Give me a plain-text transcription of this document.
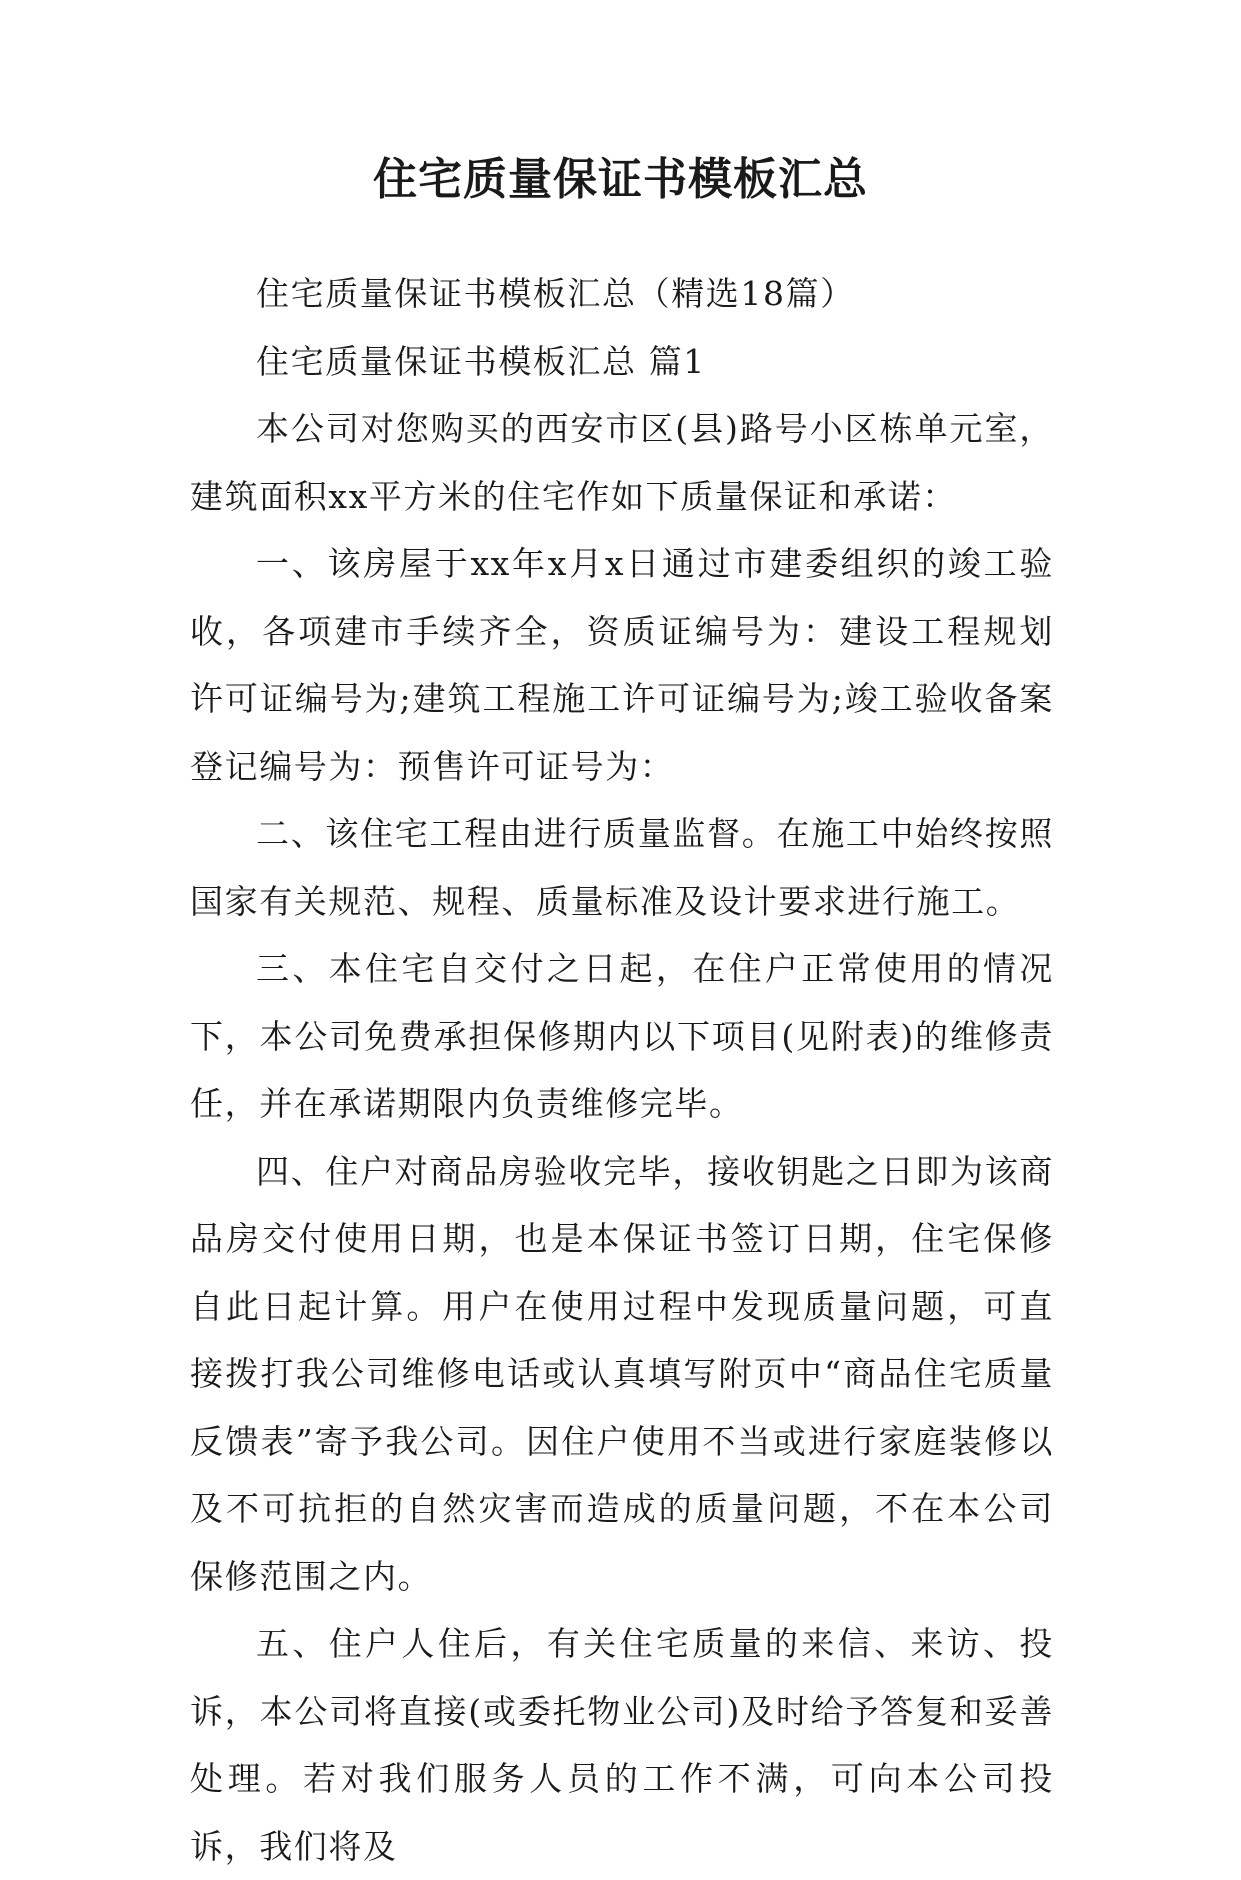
住宅质量保证书模板汇总

住宅质量保证书模板汇总（精选18篇）

住宅质量保证书模板汇总 篇1

本公司对您购买的西安市区(县)路号小区栋单元室，建筑面积xx平方米的住宅作如下质量保证和承诺：

一、该房屋于xx年x月x日通过市建委组织的竣工验收，各项建市手续齐全，资质证编号为：建设工程规划许可证编号为;建筑工程施工许可证编号为;竣工验收备案登记编号为：预售许可证号为：

二、该住宅工程由进行质量监督。在施工中始终按照国家有关规范、规程、质量标准及设计要求进行施工。

三、本住宅自交付之日起，在住户正常使用的情况下，本公司免费承担保修期内以下项目(见附表)的维修责任，并在承诺期限内负责维修完毕。

四、住户对商品房验收完毕，接收钥匙之日即为该商品房交付使用日期，也是本保证书签订日期，住宅保修自此日起计算。用户在使用过程中发现质量问题，可直接拨打我公司维修电话或认真填写附页中“商品住宅质量反馈表”寄予我公司。因住户使用不当或进行家庭装修以及不可抗拒的自然灾害而造成的质量问题，不在本公司保修范围之内。

五、住户人住后，有关住宅质量的来信、来访、投诉，本公司将直接(或委托物业公司)及时给予答复和妥善处理。若对我们服务人员的工作不满，可向本公司投诉，我们将及
